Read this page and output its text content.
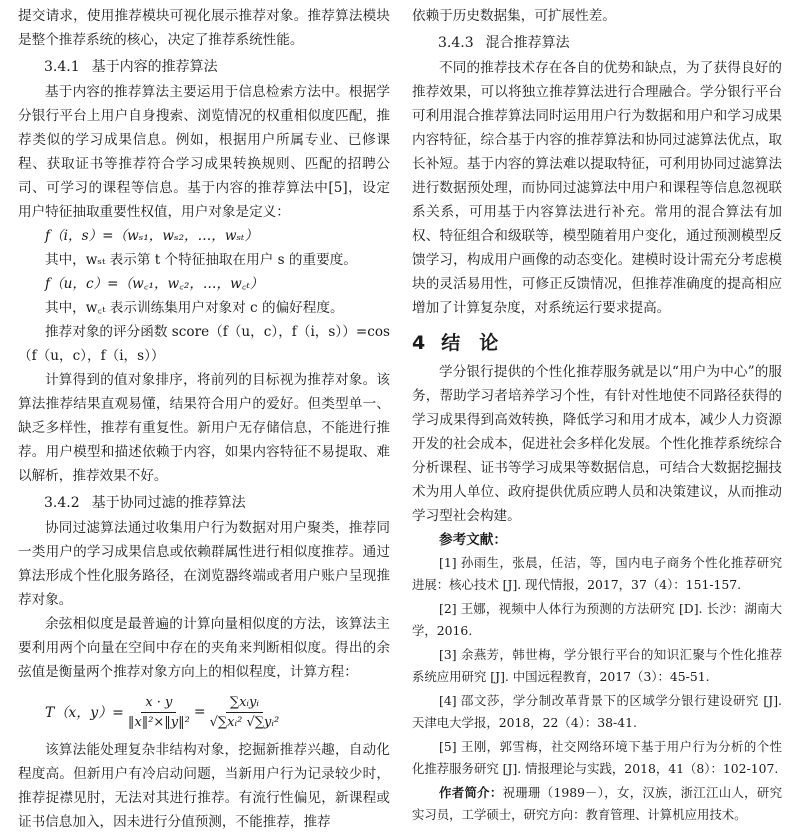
提交请求，使用推荐模块可视化展示推荐对象。推荐算法模块是整个推荐系统的核心，决定了推荐系统性能。

3.4.1 基于内容的推荐算法

基于内容的推荐算法主要运用于信息检索方法中。根据学分银行平台上用户自身搜索、浏览情况的权重相似度匹配，推荐类似的学习成果信息。例如，根据用户所属专业、已修课程、获取证书等推荐符合学习成果转换规则、匹配的招聘公司、可学习的课程等信息。基于内容的推荐算法中[5]，设定用户特征抽取重要性权值，用户对象是定义：

f（i，s）=（wₛ₁，wₛ₂，…，wₛₜ）

其中，wₛₜ 表示第 t 个特征抽取在用户 s 的重要度。

f（u，c）=（w꜀₁，w꜀₂，…，w꜀ₜ）

其中，w꜀ₜ 表示训练集用户对象对 c 的偏好程度。

推荐对象的评分函数 score（f（u，c），f（i，s））=cos（f（u，c），f（i，s））

计算得到的值对象排序，将前列的目标视为推荐对象。该算法推荐结果直观易懂，结果符合用户的爱好。但类型单一、缺乏多样性，推荐有重复性。新用户无存储信息，不能进行推荐。用户模型和描述依赖于内容，如果内容特征不易提取、难以解析，推荐效果不好。

3.4.2 基于协同过滤的推荐算法

协同过滤算法通过收集用户行为数据对用户聚类，推荐同一类用户的学习成果信息或依赖群属性进行相似度推荐。通过算法形成个性化服务路径，在浏览器终端或者用户账户呈现推荐对象。

余弦相似度是最普遍的计算向量相似度的方法，该算法主要利用两个向量在空间中存在的夹角来判断相似度。得出的余弦值是衡量两个推荐对象方向上的相似程度，计算方程：

T（x，$y)= \frac{x \cdot y}{\text{‖x‖²×‖y‖²}} = \frac{\text{∑xᵢyᵢ}}{\text{√∑xᵢ² √∑yᵢ²}}$

该算法能处理复杂非结构对象，挖掘新推荐兴趣，自动化程度高。但新用户有冷启动问题，当新用户行为记录较少时，推荐捉襟见肘，无法对其进行推荐。有流行性偏见，新课程或证书信息加入，因未进行分值预测，不能推荐，推荐

依赖于历史数据集，可扩展性差。

3.4.3 混合推荐算法

不同的推荐技术存在各自的优势和缺点，为了获得良好的推荐效果，可以将独立推荐算法进行合理融合。学分银行平台可利用混合推荐算法同时运用用户行为数据和用户和学习成果内容特征，综合基于内容的推荐算法和协同过滤算法优点，取长补短。基于内容的算法难以提取特征，可利用协同过滤算法进行数据预处理，而协同过滤算法中用户和课程等信息忽视联系关系，可用基于内容算法进行补充。常用的混合算法有加权、特征组合和级联等，模型随着用户变化，通过预测模型反馈学习，构成用户画像的动态变化。建模时设计需充分考虑模块的灵活易用性，可修正反馈情况，但推荐准确度的提高相应增加了计算复杂度，对系统运行要求提高。

4 结　论

学分银行提供的个性化推荐服务就是以“用户为中心”的服务，帮助学习者培养学习个性，有针对性地使不同路径获得的学习成果得到高效转换，降低学习和用才成本，减少人力资源开发的社会成本，促进社会多样化发展。个性化推荐系统综合分析课程、证书等学习成果等数据信息，可结合大数据挖掘技术为用人单位、政府提供优质应聘人员和决策建议，从而推动学习型社会构建。

参考文献：
[1] 孙雨生，张晨，任洁，等，国内电子商务个性化推荐研究进展：核心技术 [J]. 现代情报，2017，37（4）：151-157.
[2] 王娜，视频中人体行为预测的方法研究 [D]. 长沙：湖南大学，2016.
[3] 余燕芳，韩世梅，学分银行平台的知识汇聚与个性化推荐系统应用研究 [J]. 中国远程教育，2017（3）：45-51.
[4] 邵文莎，学分制改革背景下的区域学分银行建设研究 [J]. 天津电大学报，2018，22（4）：38-41.
[5] 王刚，郭雪梅，社交网络环境下基于用户行为分析的个性化推荐服务研究 [J]. 情报理论与实践，2018，41（8）：102-107.
作者简介：祝珊珊（1989－），女，汉族，浙江江山人，研究实习员，工学硕士，研究方向：教育管理、计算机应用技术。
